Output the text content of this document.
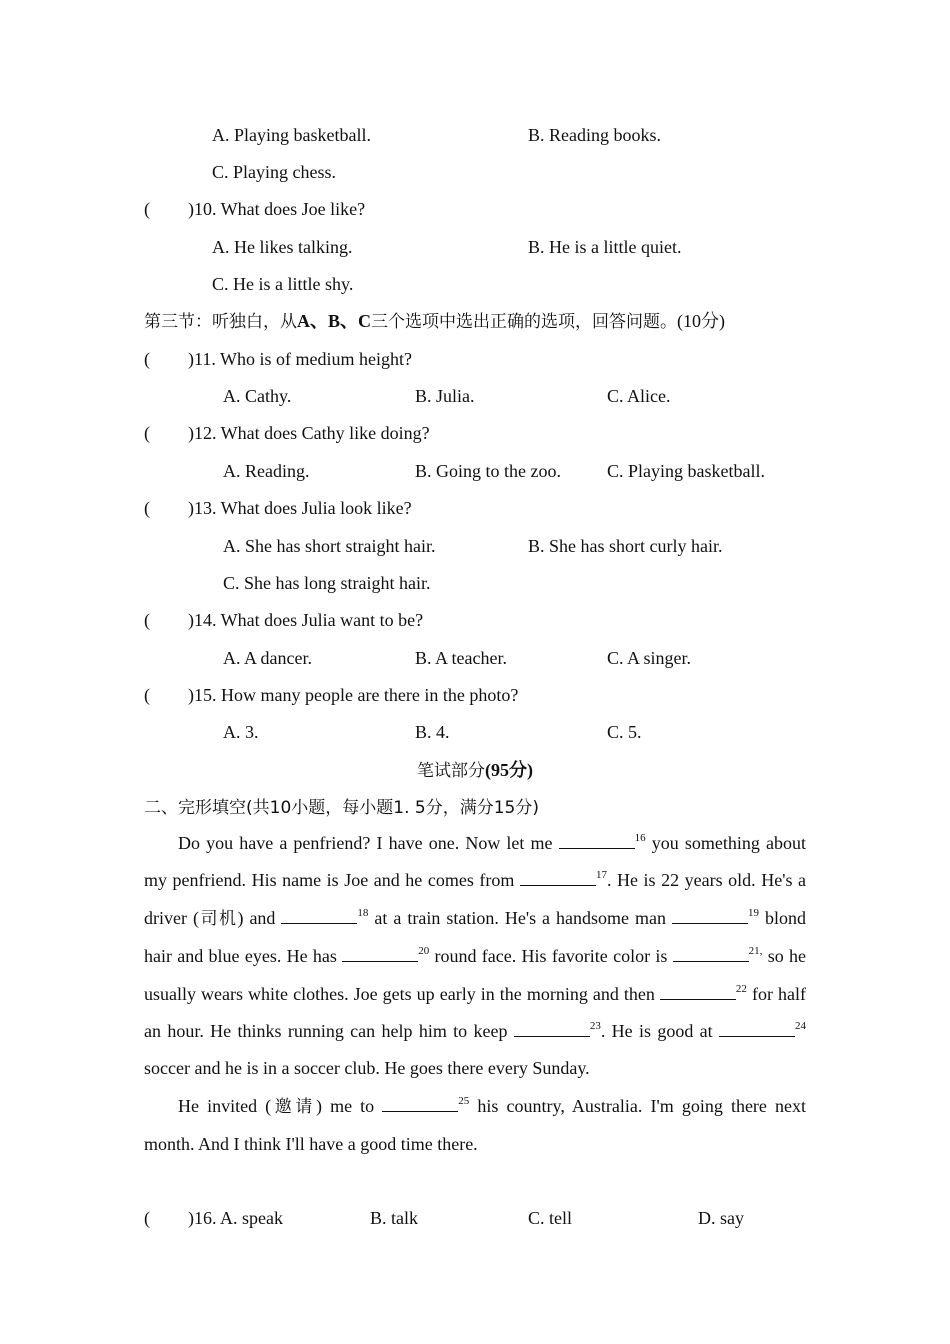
A. Playing basketball.	B. Reading books.
C. Playing chess.
( )10. What does Joe like?
A. He likes talking.	B. He is a little quiet.
C. He is a little shy.
第三节：听独白，从A、B、C三个选项中选出正确的选项，回答问题。(10分)
( )11. Who is of medium height?
A. Cathy.	B. Julia.	C. Alice.
( )12. What does Cathy like doing?
A. Reading.	B. Going to the zoo.	C. Playing basketball.
( )13. What does Julia look like?
A. She has short straight hair.	B. She has short curly hair.
C. She has long straight hair.
( )14. What does Julia want to be?
A. A dancer.	B. A teacher.	C. A singer.
( )15. How many people are there in the photo?
A. 3.	B. 4.	C. 5.
笔试部分(95分)
二、完形填空(共10小题，每小题1. 5分，满分15分)

Do you have a penfriend? I have one. Now let me	$^{16}$ you something about my penfriend. His name is Joe and he comes from	$^{17}$. He is 22 years old. He's a driver (司机) and	$^{18}$ at a train station. He's a handsome man	$^{19}$ blond hair and blue eyes. He has	$^{20}$ round face. His favorite color is	$^{21,}$ so he usually wears white clothes. Joe gets up early in the morning and then	$^{22}$ for half an hour. He thinks running can help him to keep	$^{23}$. He is good at	$^{24}$ soccer and he is in a soccer club. He goes there every Sunday.

He invited (邀请) me to	$^{25}$ his country, Australia. I'm going there next month. And I think I'll have a good time there.

( )16. A. speak	B. talk	C. tell	D. say
